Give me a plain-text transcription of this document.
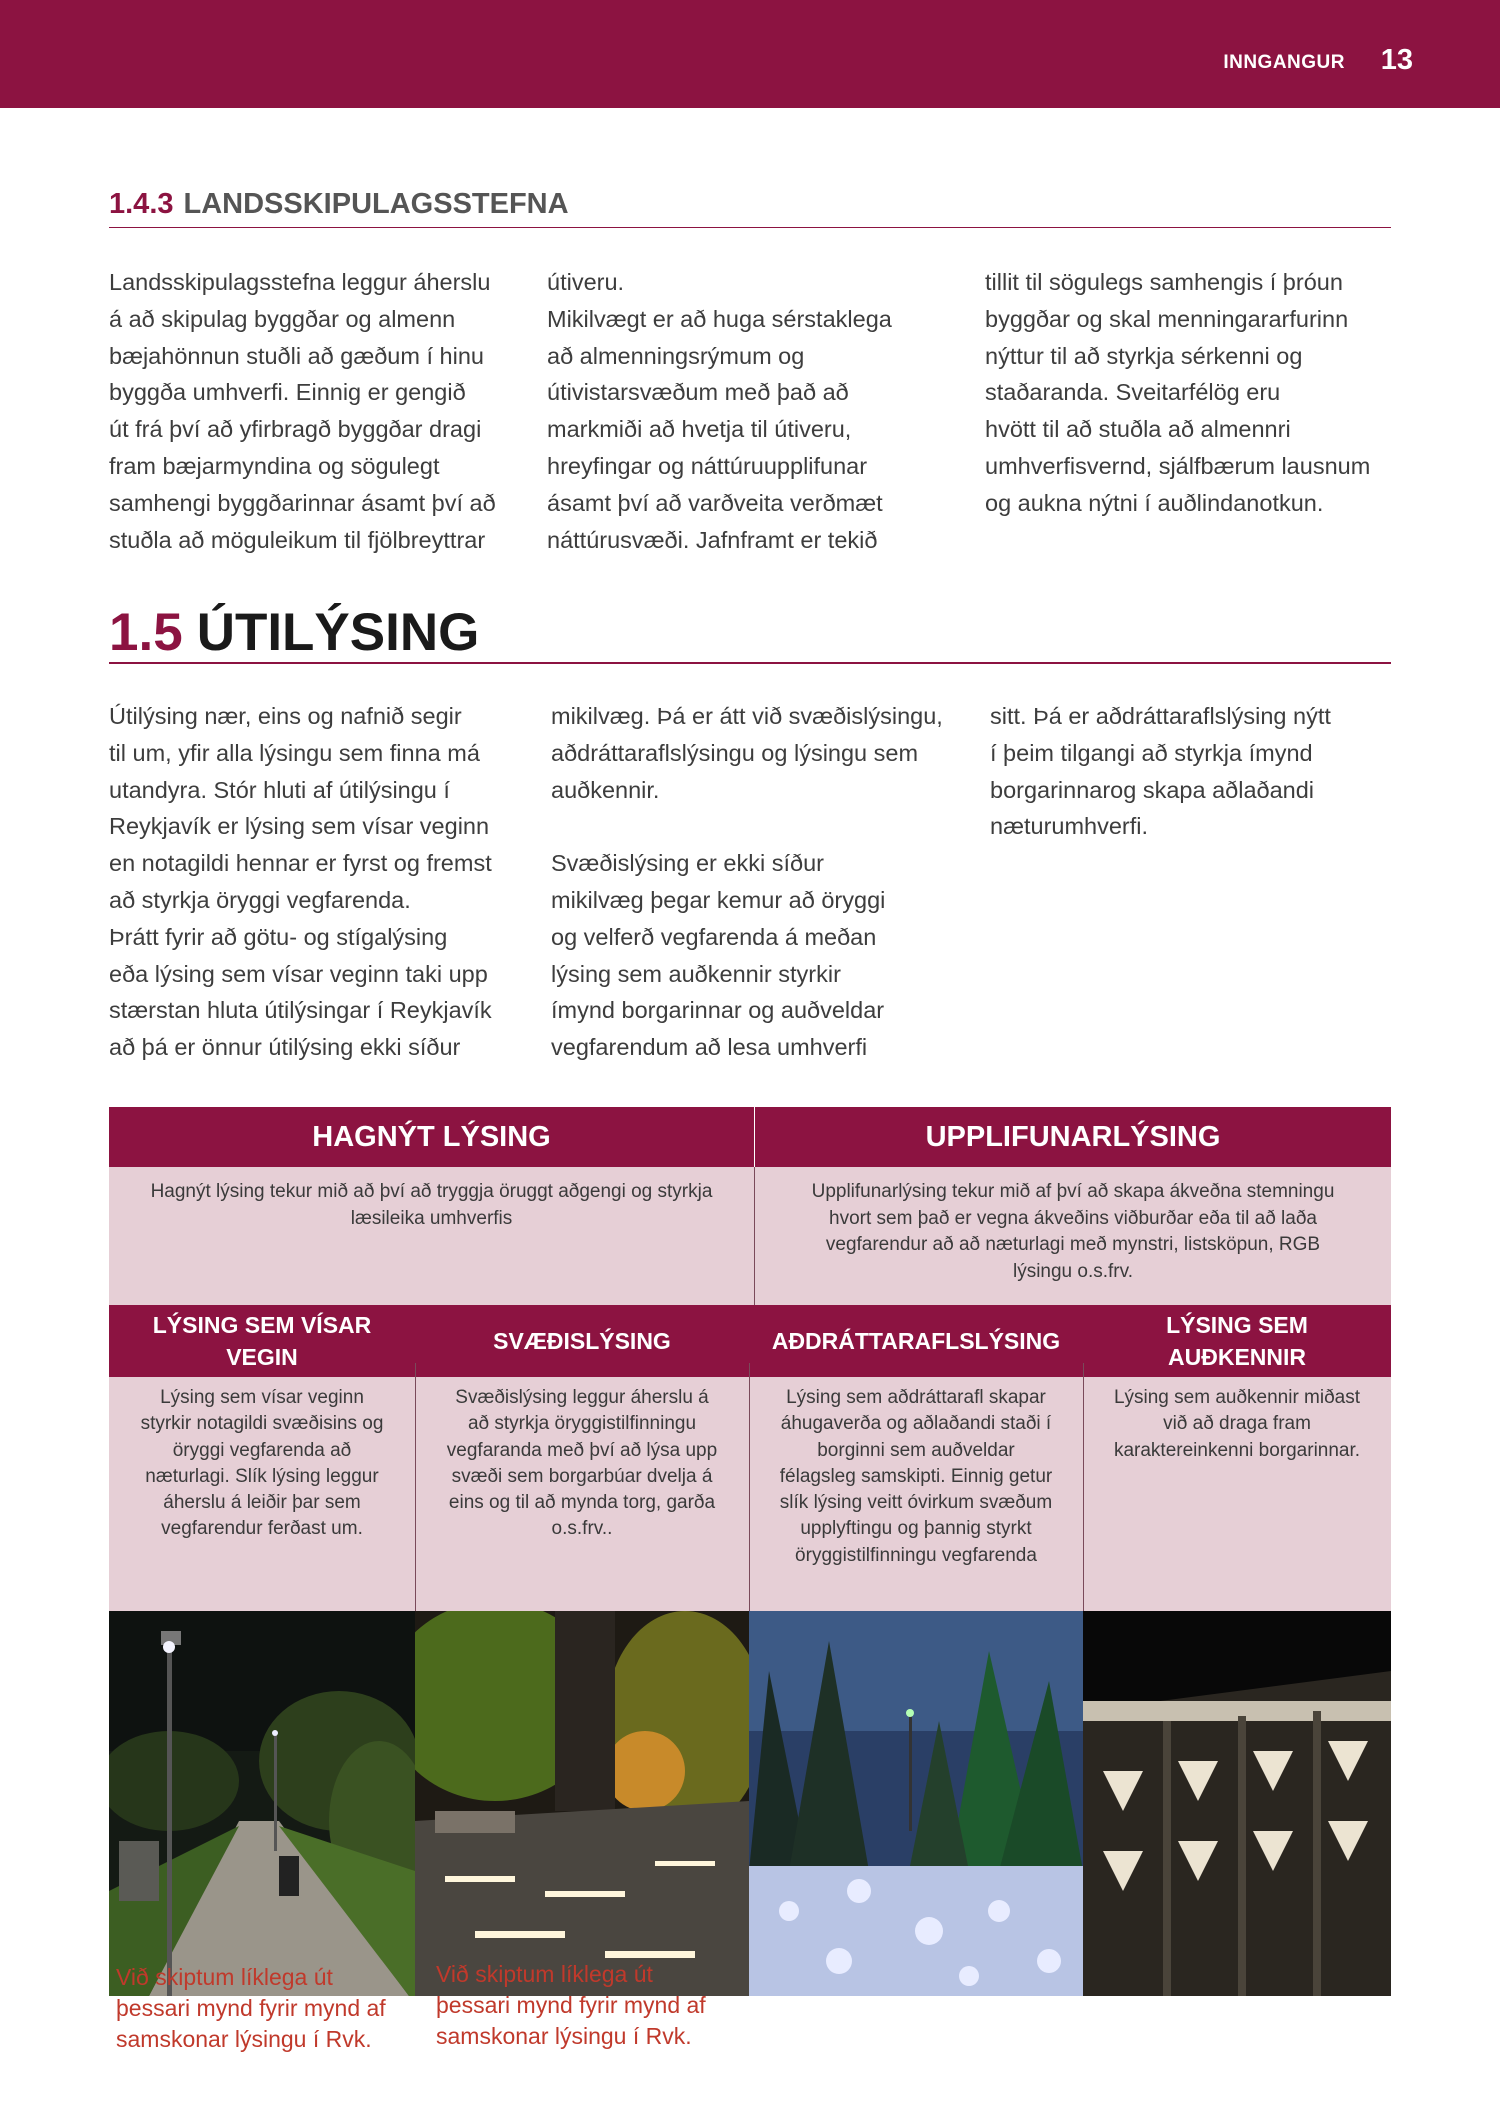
INNGANGUR 13
1.4.3 LANDSSKIPULAGSSTEFNA

Landsskipulagsstefna leggur áherslu
á að skipulag byggðar og almenn
bæjahönnun stuðli að gæðum í hinu
byggða umhverfi. Einnig er gengið
út frá því að yfirbragð byggðar dragi
fram bæjarmyndina og sögulegt
samhengi byggðarinnar ásamt því að
stuðla að möguleikum til fjölbreyttrar

útiveru.
Mikilvægt er að huga sérstaklega
að almenningsrýmum og
útivistarsvæðum með það að
markmiði að hvetja til útiveru,
hreyfingar og náttúruupplifunar
ásamt því að varðveita verðmæt
náttúrusvæði. Jafnframt er tekið

tillit til sögulegs samhengis í þróun
byggðar og skal menningararfurinn
nýttur til að styrkja sérkenni og
staðaranda. Sveitarfélög eru
hvött til að stuðla að almennri
umhverfisvernd, sjálfbærum lausnum
og aukna nýtni í auðlindanotkun.

1.5 ÚTILÝSING

Útilýsing nær, eins og nafnið segir
til um, yfir alla lýsingu sem finna má
utandyra. Stór hluti af útilýsingu í
Reykjavík er lýsing sem vísar veginn
en notagildi hennar er fyrst og fremst
að styrkja öryggi vegfarenda.
Þrátt fyrir að götu- og stígalýsing
eða lýsing sem vísar veginn taki upp
stærstan hluta útilýsingar í Reykjavík
að þá er önnur útilýsing ekki síður

mikilvæg. Þá er átt við svæðislýsingu,
aðdráttaraflslýsingu og lýsingu sem
auðkennir.

Svæðislýsing er ekki síður
mikilvæg þegar kemur að öryggi
og velferð vegfarenda á meðan
lýsing sem auðkennir styrkir
ímynd borgarinnar og auðveldar
vegfarendum að lesa umhverfi

sitt. Þá er aðdráttaraflslýsing nýtt
í þeim tilgangi að styrkja ímynd
borgarinnarog skapa aðlaðandi
næturumhverfi.

HAGNÝT LÝSING	UPPLIFUNARLÝSING
Hagnýt lýsing tekur mið að því að tryggja öruggt aðgengi og styrkja læsileika umhverfis
Upplifunarlýsing tekur mið af því að skapa ákveðna stemningu hvort sem það er vegna ákveðins viðburðar eða til að laða vegfarendur að að næturlagi með mynstri, listsköpun, RGB lýsingu o.s.frv.
LÝSING SEM VÍSAR VEGIN
SVÆÐISLÝSING	AÐDRÁTTARAFLSLÝSING
LÝSING SEM AUÐKENNIR
Lýsing sem vísar veginn styrkir notagildi svæðisins og öryggi vegfarenda að næturlagi. Slík lýsing leggur áherslu á leiðir þar sem vegfarendur ferðast um.
Svæðislýsing leggur áherslu á að styrkja öryggistilfinningu vegfaranda með því að lýsa upp svæði sem borgarbúar dvelja á eins og til að mynda torg, garða o.s.frv..
Lýsing sem aðdráttarafl skapar áhugaverða og aðlaðandi staði í borginni sem auðveldar félagsleg samskipti. Einnig getur slík lýsing veitt óvirkum svæðum upplyftingu og þannig styrkt öryggistilfinningu vegfarenda
Lýsing sem auðkennir miðast við að draga fram karaktereinkenni borgarinnar.
Við skiptum líklega út
þessari mynd fyrir mynd af
samskonar lýsingu í Rvk.
Við skiptum líklega út
þessari mynd fyrir mynd af
samskonar lýsingu í Rvk.
